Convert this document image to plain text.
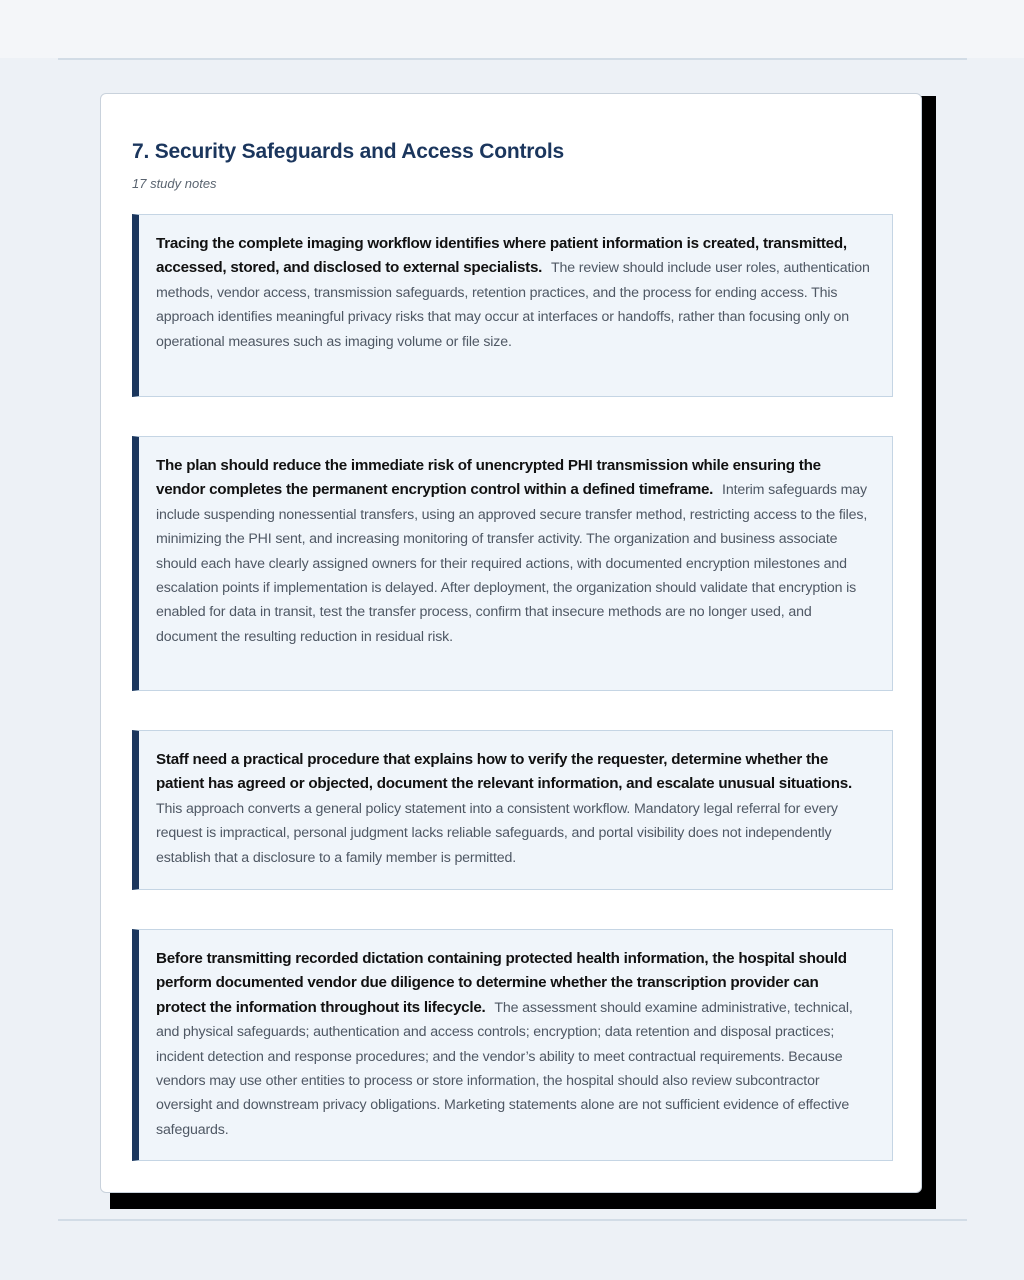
7. Security Safeguards and Access Controls

17 study notes

Tracing the complete imaging workflow identifies where patient information is created, transmitted, accessed, stored, and disclosed to external specialists. The review should include user roles, authentication methods, vendor access, transmission safeguards, retention practices, and the process for ending access. This approach identifies meaningful privacy risks that may occur at interfaces or handoffs, rather than focusing only on operational measures such as imaging volume or file size.
The plan should reduce the immediate risk of unencrypted PHI transmission while ensuring the vendor completes the permanent encryption control within a defined timeframe. Interim safeguards may include suspending nonessential transfers, using an approved secure transfer method, restricting access to the files, minimizing the PHI sent, and increasing monitoring of transfer activity. The organization and business associate should each have clearly assigned owners for their required actions, with documented encryption milestones and escalation points if implementation is delayed. After deployment, the organization should validate that encryption is enabled for data in transit, test the transfer process, confirm that insecure methods are no longer used, and document the resulting reduction in residual risk.
Staff need a practical procedure that explains how to verify the requester, determine whether the patient has agreed or objected, document the relevant information, and escalate unusual situations.  This approach converts a general policy statement into a consistent workflow. Mandatory legal referral for every request is impractical, personal judgment lacks reliable safeguards, and portal visibility does not independently establish that a disclosure to a family member is permitted.
Before transmitting recorded dictation containing protected health information, the hospital should perform documented vendor due diligence to determine whether the transcription provider can protect the information throughout its lifecycle. The assessment should examine administrative, technical, and physical safeguards; authentication and access controls; encryption; data retention and disposal practices; incident detection and response procedures; and the vendor’s ability to meet contractual requirements. Because vendors may use other entities to process or store information, the hospital should also review subcontractor oversight and downstream privacy obligations. Marketing statements alone are not sufficient evidence of effective safeguards.
